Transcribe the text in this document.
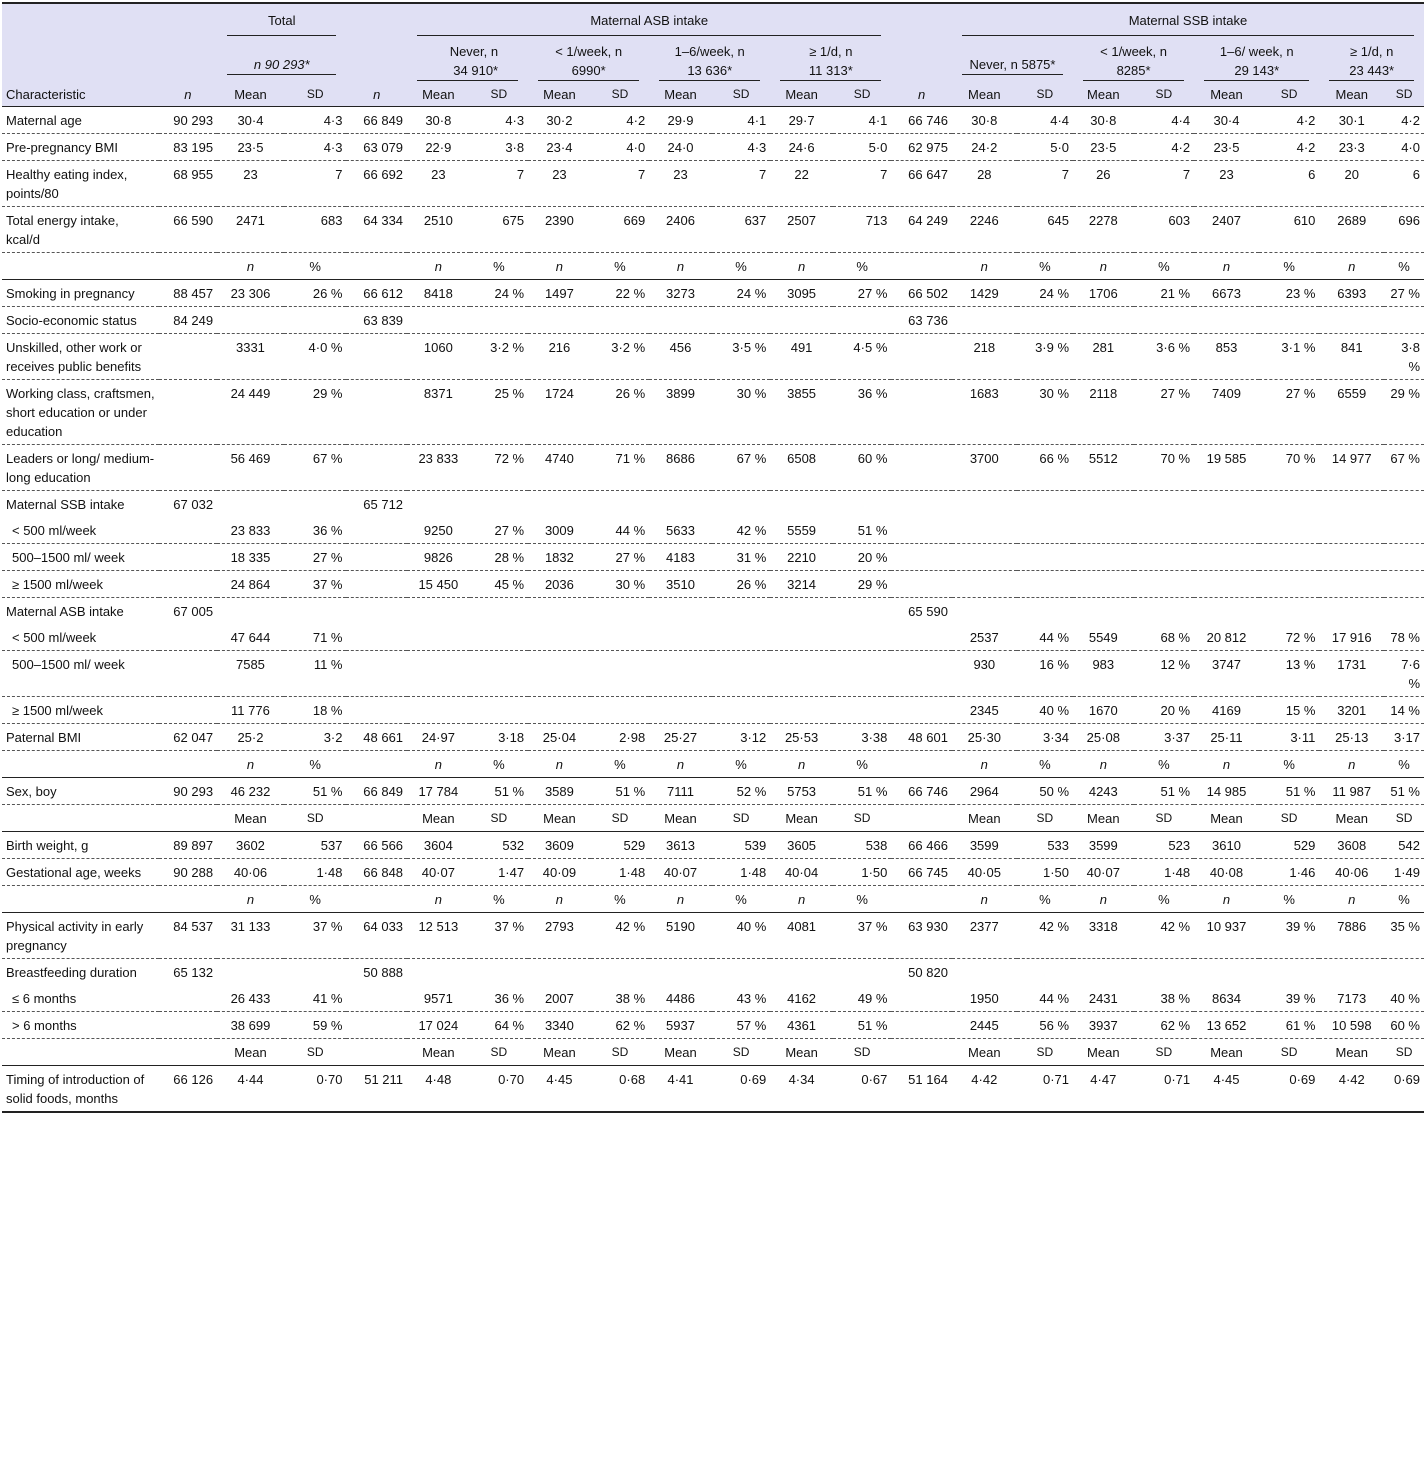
		Total			Maternal ASB intake									Maternal SSB intake							

		n 90 293*			Never, n
34 910*		< 1/week, n
6990*		1–6/week, n
13 636*		≥ 1/d, n
11 313*			Never, n 5875*		< 1/week, n
8285*		1–6/ week, n
29 143*		≥ 1/d, n
23 443*	

Characteristic	n	Mean	SD	n	Mean	SD	Mean	SD	Mean	SD	Mean	SD	n	Mean	SD	Mean	SD	Mean	SD	Mean	SD
Maternal age	90 293	30·4	4·3	66 849	30·8	4·3	30·2	4·2	29·9	4·1	29·7	4·1	66 746	30·8	4·4	30·8	4·4	30·4	4·2	30·1	4·2
Pre-pregnancy BMI	83 195	23·5	4·3	63 079	22·9	3·8	23·4	4·0	24·0	4·3	24·6	5·0	62 975	24·2	5·0	23·5	4·2	23·5	4·2	23·3	4·0
Healthy eating index, points/80	68 955	23	7	66 692	23	7	23	7	23	7	22	7	66 647	28	7	26	7	23	6	20	6
Total energy intake, kcal/d	66 590	2471	683	64 334	2510	675	2390	669	2406	637	2507	713	64 249	2246	645	2278	603	2407	610	2689	696
		n	%		n	%	n	%	n	%	n	%		n	%	n	%	n	%	n	%
Smoking in pregnancy	88 457	23 306	26 %	66 612	8418	24 %	1497	22 %	3273	24 %	3095	27 %	66 502	1429	24 %	1706	21 %	6673	23 %	6393	27 %
Socio-economic status	84 249			63 839									63 736								
Unskilled, other work or receives public benefits		3331	4·0 %		1060	3·2 %	216	3·2 %	456	3·5 %	491	4·5 %		218	3·9 %	281	3·6 %	853	3·1 %	841	3·8 %
Working class, craftsmen, short education or under education		24 449	29 %		8371	25 %	1724	26 %	3899	30 %	3855	36 %		1683	30 %	2118	27 %	7409	27 %	6559	29 %
Leaders or long/ medium-long education		56 469	67 %		23 833	72 %	4740	71 %	8686	67 %	6508	60 %		3700	66 %	5512	70 %	19 585	70 %	14 977	67 %
Maternal SSB intake	67 032			65 712																	
< 500 ml/week		23 833	36 %		9250	27 %	3009	44 %	5633	42 %	5559	51 %									
500–1500 ml/ week		18 335	27 %		9826	28 %	1832	27 %	4183	31 %	2210	20 %									
≥ 1500 ml/week		24 864	37 %		15 450	45 %	2036	30 %	3510	26 %	3214	29 %									
Maternal ASB intake	67 005												65 590								
< 500 ml/week		47 644	71 %											2537	44 %	5549	68 %	20 812	72 %	17 916	78 %
500–1500 ml/ week		7585	11 %											930	16 %	983	12 %	3747	13 %	1731	7·6 %
≥ 1500 ml/week		11 776	18 %											2345	40 %	1670	20 %	4169	15 %	3201	14 %
Paternal BMI	62 047	25·2	3·2	48 661	24·97	3·18	25·04	2·98	25·27	3·12	25·53	3·38	48 601	25·30	3·34	25·08	3·37	25·11	3·11	25·13	3·17
		n	%		n	%	n	%	n	%	n	%		n	%	n	%	n	%	n	%
Sex, boy	90 293	46 232	51 %	66 849	17 784	51 %	3589	51 %	7111	52 %	5753	51 %	66 746	2964	50 %	4243	51 %	14 985	51 %	11 987	51 %
		Mean	SD		Mean	SD	Mean	SD	Mean	SD	Mean	SD		Mean	SD	Mean	SD	Mean	SD	Mean	SD
Birth weight, g	89 897	3602	537	66 566	3604	532	3609	529	3613	539	3605	538	66 466	3599	533	3599	523	3610	529	3608	542
Gestational age, weeks	90 288	40·06	1·48	66 848	40·07	1·47	40·09	1·48	40·07	1·48	40·04	1·50	66 745	40·05	1·50	40·07	1·48	40·08	1·46	40·06	1·49
		n	%		n	%	n	%	n	%	n	%		n	%	n	%	n	%	n	%
Physical activity in early pregnancy	84 537	31 133	37 %	64 033	12 513	37 %	2793	42 %	5190	40 %	4081	37 %	63 930	2377	42 %	3318	42 %	10 937	39 %	7886	35 %
Breastfeeding duration	65 132			50 888									50 820								
≤ 6 months		26 433	41 %		9571	36 %	2007	38 %	4486	43 %	4162	49 %		1950	44 %	2431	38 %	8634	39 %	7173	40 %
> 6 months		38 699	59 %		17 024	64 %	3340	62 %	5937	57 %	4361	51 %		2445	56 %	3937	62 %	13 652	61 %	10 598	60 %
		Mean	SD		Mean	SD	Mean	SD	Mean	SD	Mean	SD		Mean	SD	Mean	SD	Mean	SD	Mean	SD
Timing of introduction of solid foods, months	66 126	4·44	0·70	51 211	4·48	0·70	4·45	0·68	4·41	0·69	4·34	0·67	51 164	4·42	0·71	4·47	0·71	4·45	0·69	4·42	0·69
